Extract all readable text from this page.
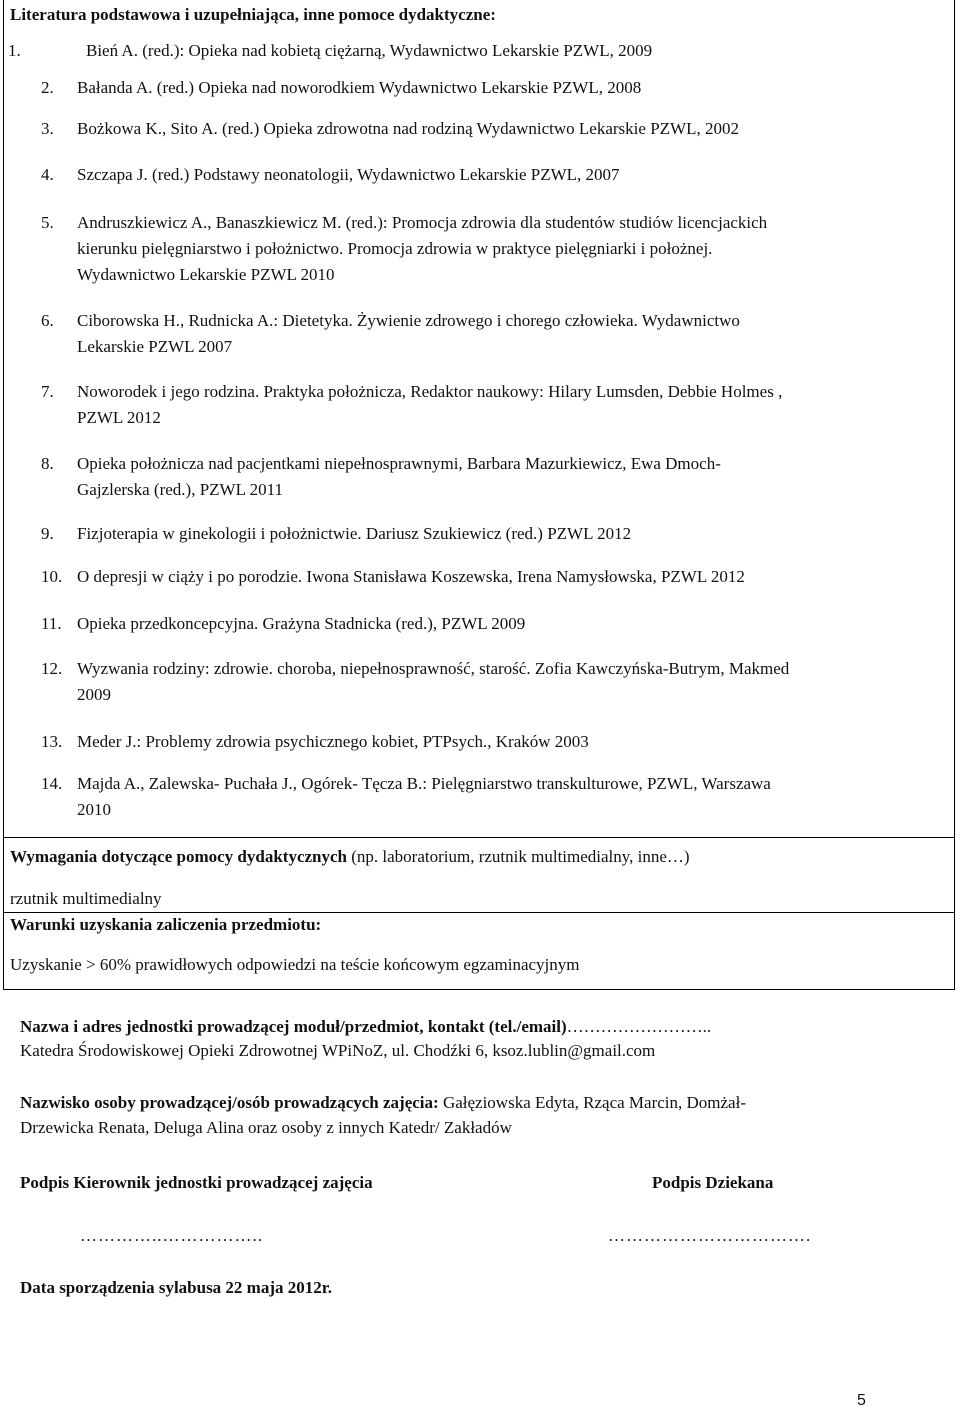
Literatura podstawowa i uzupełniająca, inne pomoce dydaktyczne:
1.	Bień A. (red.): Opieka nad kobietą ciężarną, Wydawnictwo Lekarskie PZWL, 2009
2. Bałanda A. (red.) Opieka nad noworodkiem Wydawnictwo Lekarskie PZWL, 2008
3. Bożkowa K., Sito A. (red.) Opieka zdrowotna nad rodziną Wydawnictwo Lekarskie PZWL, 2002
4. Szczapa J. (red.) Podstawy neonatologii, Wydawnictwo Lekarskie PZWL, 2007
5. Andruszkiewicz A., Banaszkiewicz M. (red.): Promocja zdrowia dla studentów studiów licencjackich
kierunku pielęgniarstwo i położnictwo. Promocja zdrowia w praktyce pielęgniarki i położnej.
Wydawnictwo Lekarskie PZWL 2010
6. Ciborowska H., Rudnicka A.: Dietetyka. Żywienie zdrowego i chorego człowieka. Wydawnictwo
Lekarskie PZWL 2007
7. Noworodek i jego rodzina. Praktyka położnicza, Redaktor naukowy: Hilary Lumsden, Debbie Holmes ,
PZWL 2012
8. Opieka położnicza nad pacjentkami niepełnosprawnymi, Barbara Mazurkiewicz, Ewa Dmoch-
Gajzlerska (red.), PZWL 2011
9. Fizjoterapia w ginekologii i położnictwie. Dariusz Szukiewicz (red.) PZWL 2012
10. O depresji w ciąży i po porodzie. Iwona Stanisława Koszewska, Irena Namysłowska, PZWL 2012
11. Opieka przedkoncepcyjna. Grażyna Stadnicka (red.), PZWL 2009
12. Wyzwania rodziny: zdrowie. choroba, niepełnosprawność, starość. Zofia Kawczyńska-Butrym, Makmed
2009
13. Meder J.: Problemy zdrowia psychicznego kobiet, PTPsych., Kraków 2003
14. Majda A., Zalewska- Puchała J., Ogórek- Tęcza B.: Pielęgniarstwo transkulturowe, PZWL, Warszawa
2010
Wymagania dotyczące pomocy dydaktycznych (np. laboratorium, rzutnik multimedialny, inne…)
rzutnik multimedialny
Warunki uzyskania zaliczenia przedmiotu:
Uzyskanie > 60% prawidłowych odpowiedzi na teście końcowym egzaminacyjnym
Nazwa i adres jednostki prowadzącej moduł/przedmiot, kontakt (tel./email)……………………..
Katedra Środowiskowej Opieki Zdrowotnej WPiNoZ, ul. Chodźki 6, ksoz.lublin@gmail.com
Nazwisko osoby prowadzącej/osób prowadzących zajęcia: Gałęziowska Edyta, Rząca Marcin, Domżał-
Drzewicka Renata, Deluga Alina oraz osoby z innych Katedr/ Zakładów
Podpis Kierownik jednostki prowadzącej zajęcia	Podpis Dziekana
…………..……………..	…………………………….
Data sporządzenia sylabusa 22 maja 2012r.
5
